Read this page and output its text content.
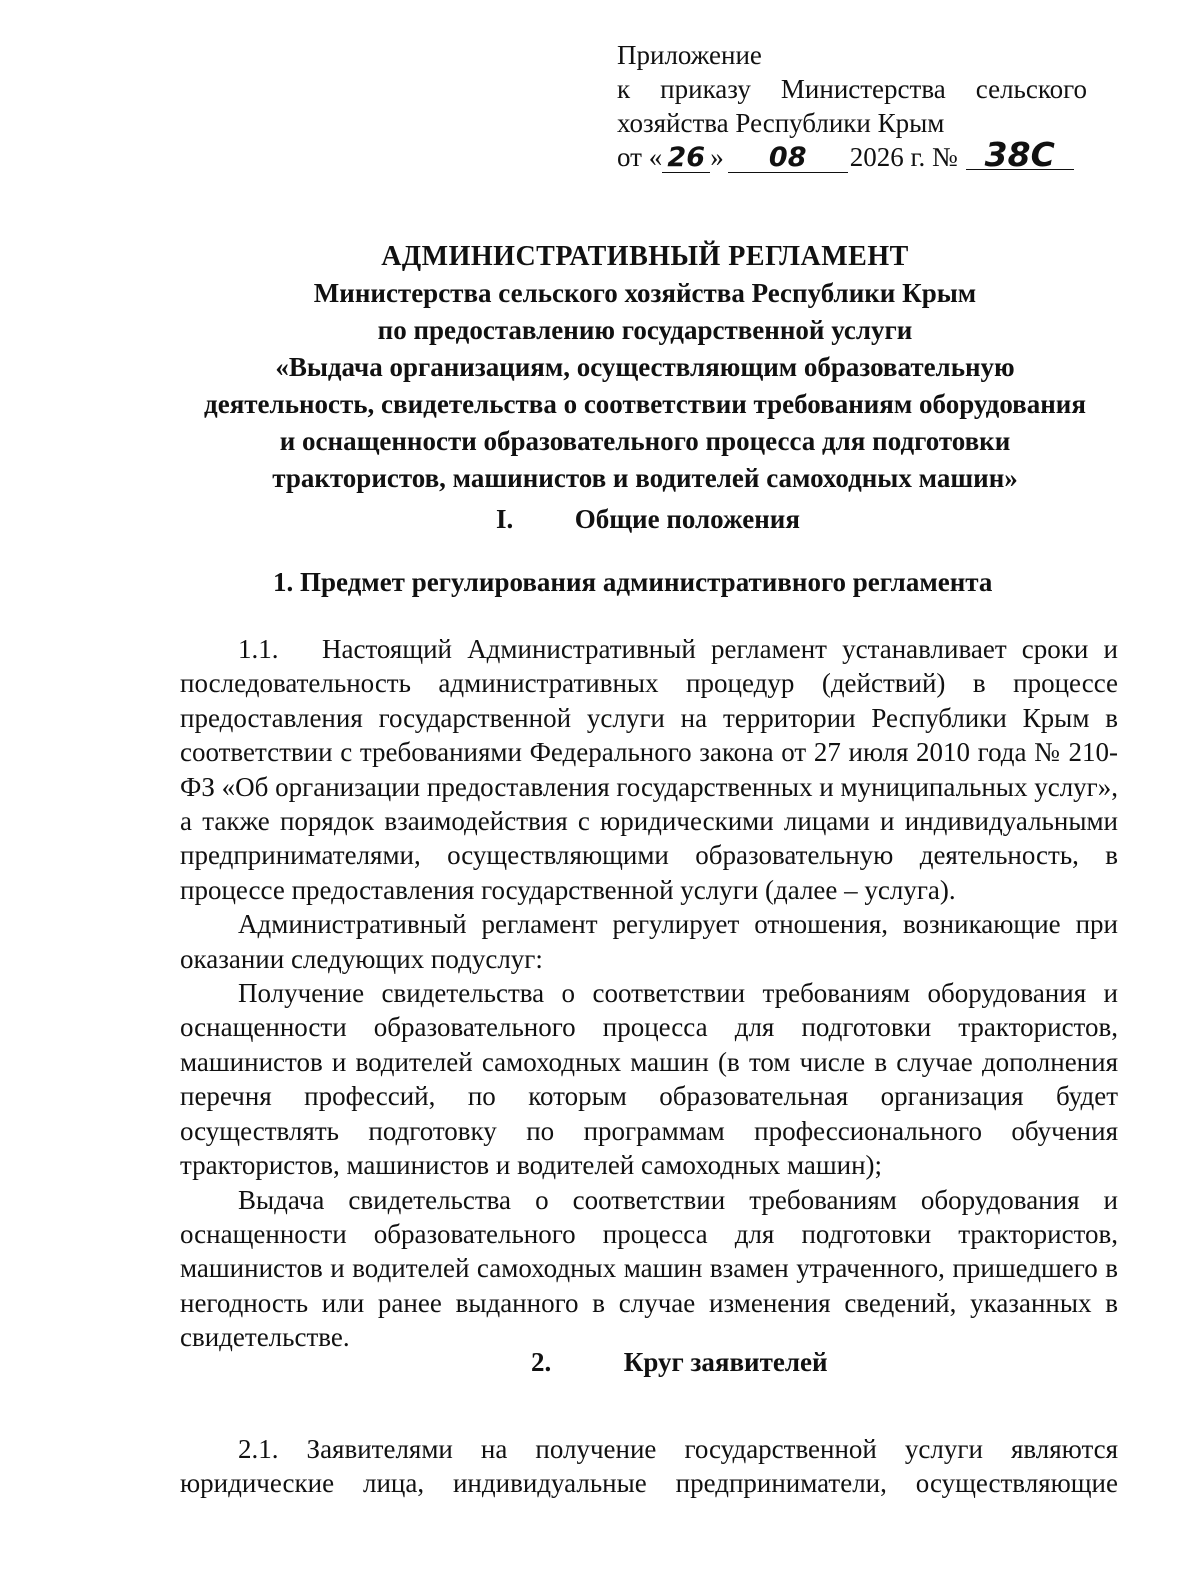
Приложение
к приказу Министерства сельского
хозяйства Республики Крым
от « 26 »	08	2026 г. № 38С
АДМИНИСТРАТИВНЫЙ РЕГЛАМЕНТ
Министерства сельского хозяйства Республики Крым
по предоставлению государственной услуги
«Выдача организациям, осуществляющим образовательную
деятельность, свидетельства о соответствии требованиям оборудования
и оснащенности образовательного процесса для подготовки
трактористов, машинистов и водителей самоходных машин»
I. Общие положения
1. Предмет регулирования административного регламента

1.1. Настоящий Административный регламент устанавливает сроки и последовательность административных процедур (действий) в процессе предоставления государственной услуги на территории Республики Крым в соответствии с требованиями Федерального закона от 27 июля 2010 года № 210-ФЗ «Об организации предоставления государственных и муниципальных услуг», а также порядок взаимодействия с юридическими лицами и индивидуальными предпринимателями, осуществляющими образовательную деятельность, в процессе предоставления государственной услуги (далее – услуга).

Административный регламент регулирует отношения, возникающие при оказании следующих подуслуг:

Получение свидетельства о соответствии требованиям оборудования и оснащенности образовательного процесса для подготовки трактористов, машинистов и водителей самоходных машин (в том числе в случае дополнения перечня профессий, по которым образовательная организация будет осуществлять подготовку по программам профессионального обучения трактористов, машинистов и водителей самоходных машин);

Выдача свидетельства о соответствии требованиям оборудования и оснащенности образовательного процесса для подготовки трактористов, машинистов и водителей самоходных машин взамен утраченного, пришедшего в негодность или ранее выданного в случае изменения сведений, указанных в свидетельстве.

2.	Круг заявителей

2.1. Заявителями на получение государственной услуги являются юридические лица, индивидуальные предприниматели, осуществляющие
